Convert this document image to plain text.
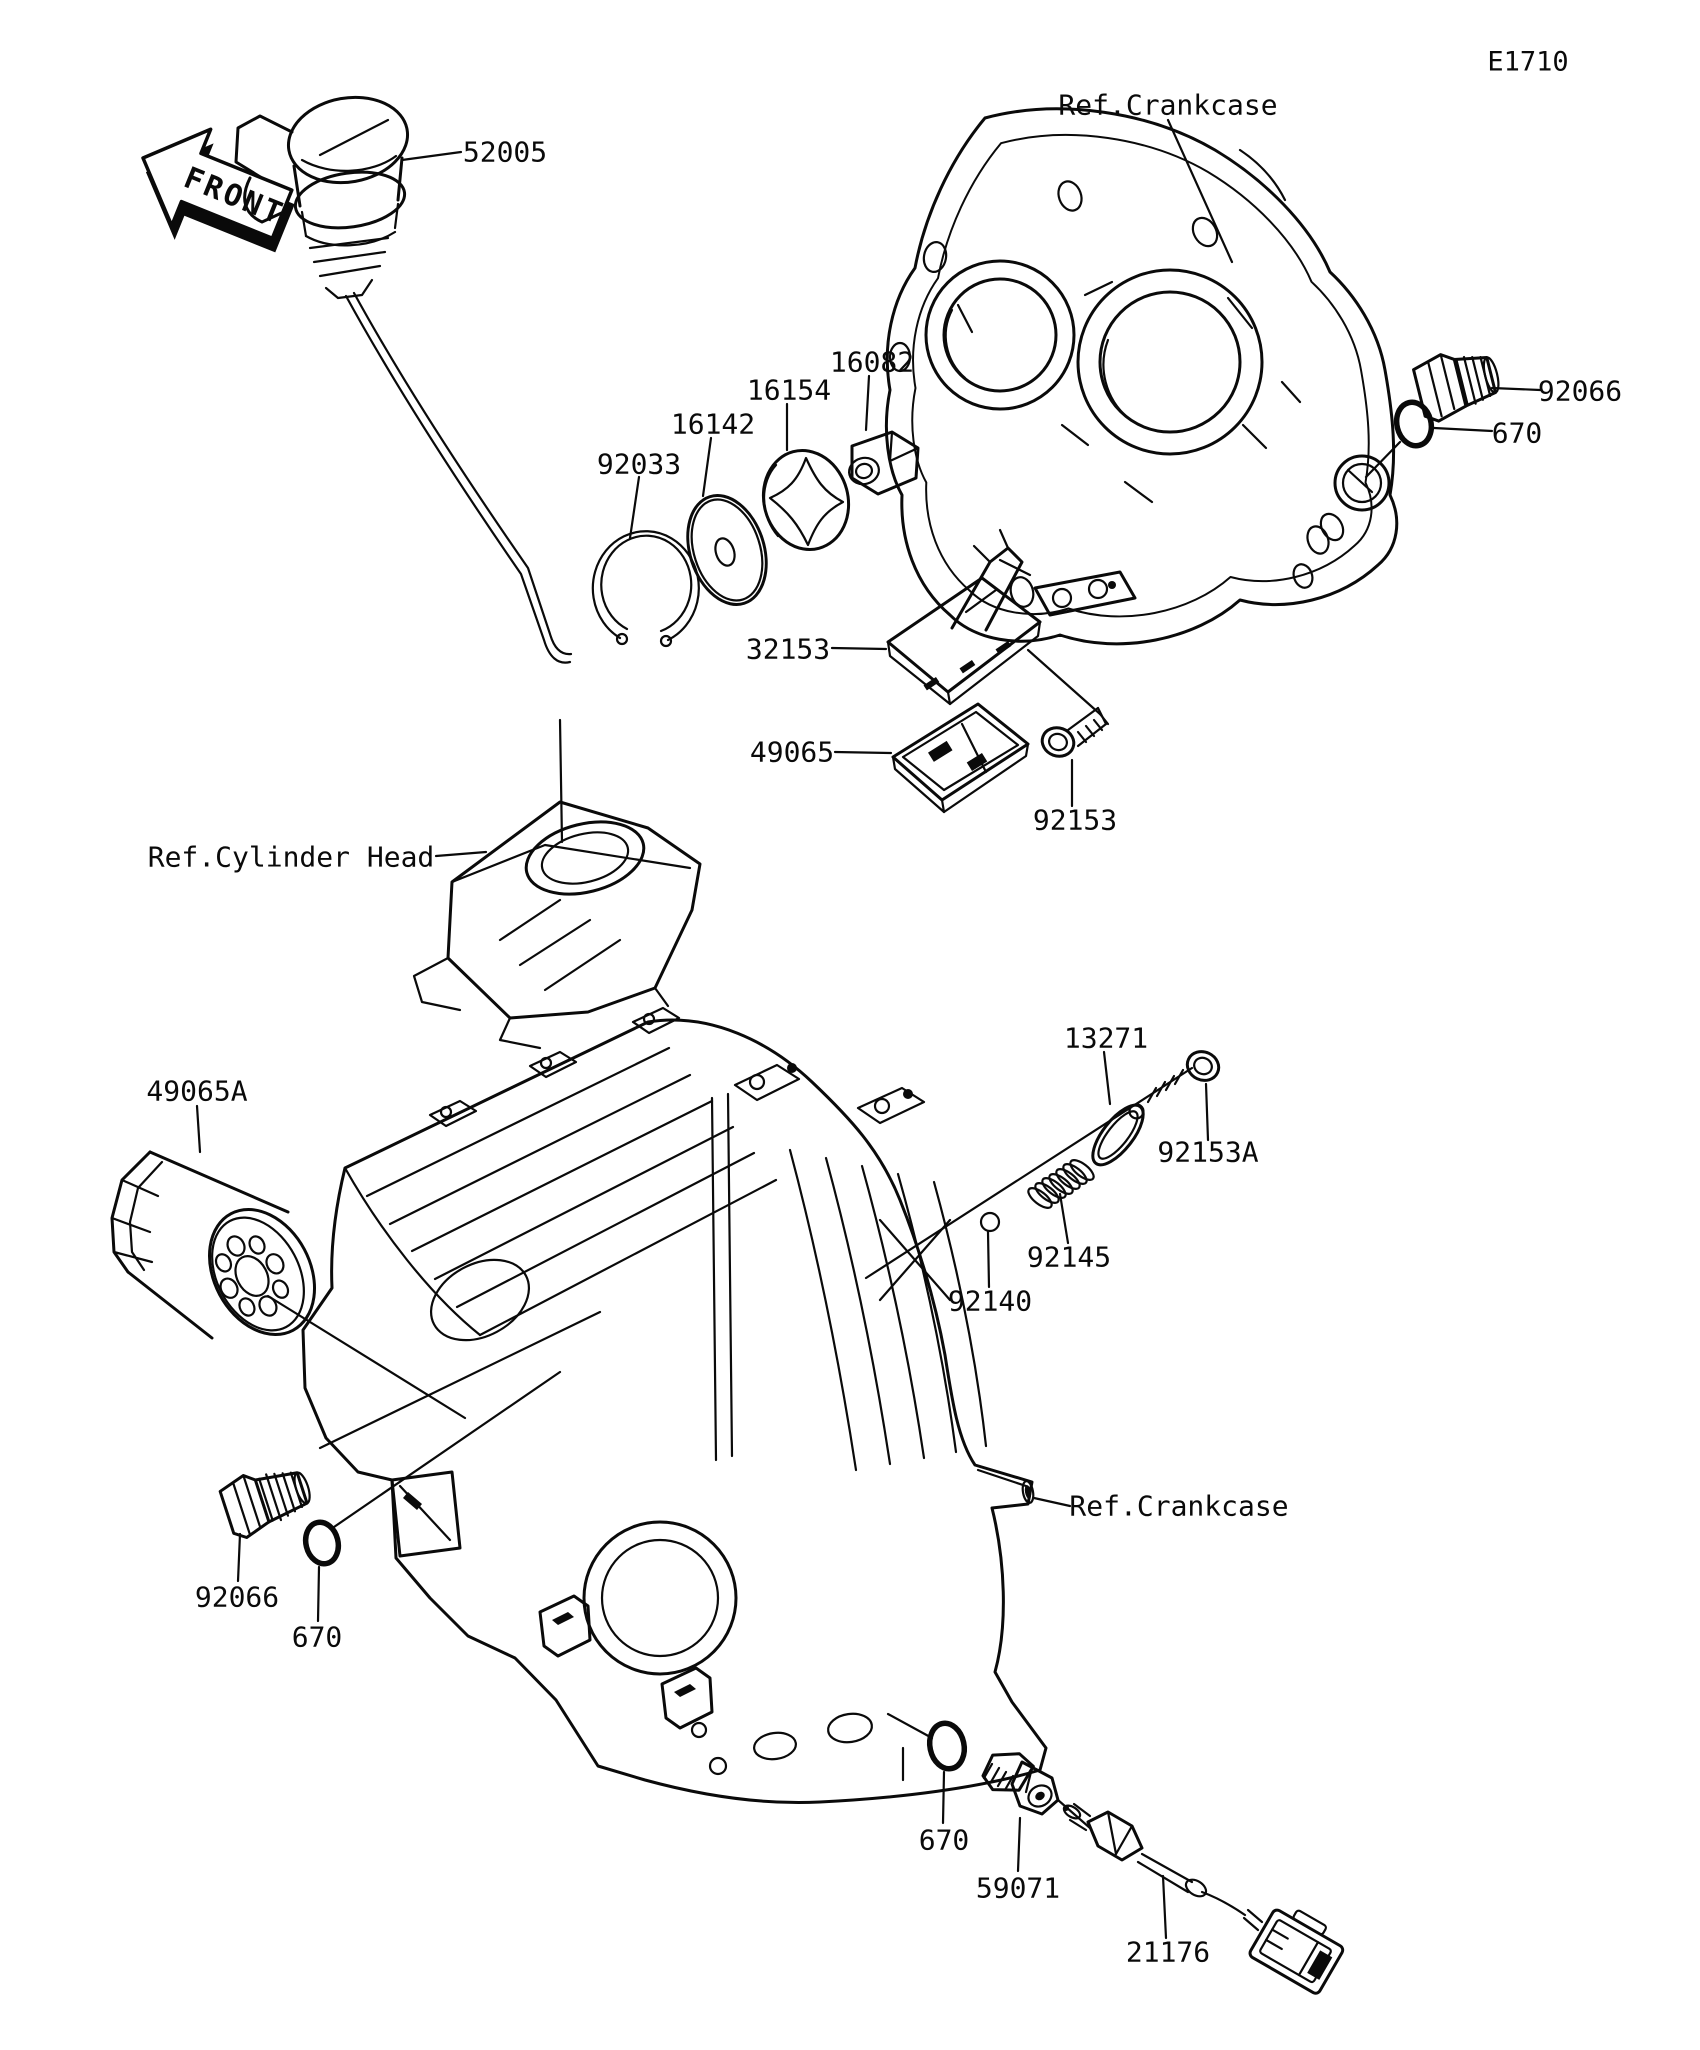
FRONT
E1710
Ref.Crankcase
52005
16082
16154	92066
16142	670
92033
32153
49065
92153
Ref.Cylinder Head
13271
49065A
92153A
92145
92140
Ref.Crankcase
92066
670
670
59071
21176
